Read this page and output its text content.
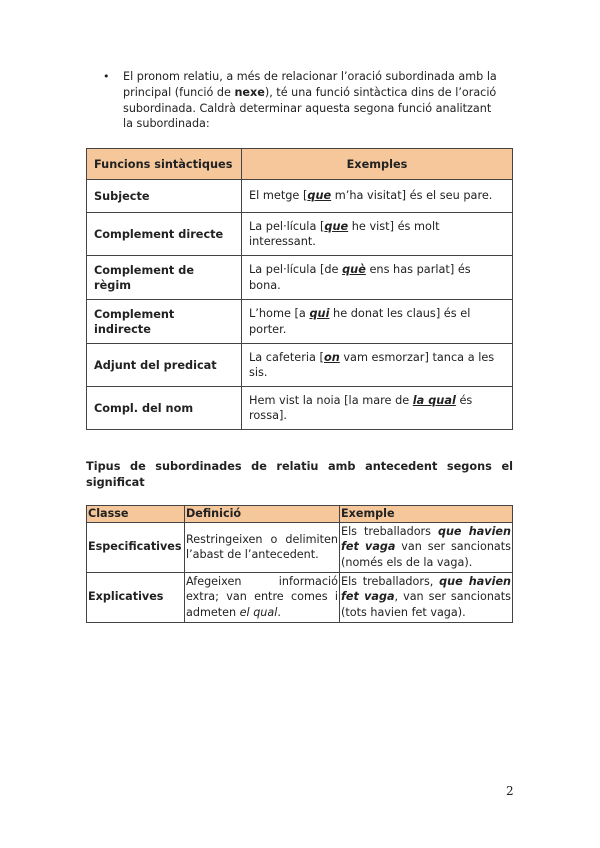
• El pronom relatiu, a més de relacionar l’oració subordinada amb la principal (funció de nexe), té una funció sintàctica dins de l’oració subordinada. Caldrà determinar aquesta segona funció analitzant la subordinada:
Funcions sintàctiques	Exemples
Subjecte	El metge [que m’ha visitat] és el seu pare.
Complement directe	La pel·lícula [que he vist] és molt interessant.
Complement de règim	La pel·lícula [de què ens has parlat] és bona.
Complement indirecte	L’home [a qui he donat les claus] és el porter.
Adjunt del predicat	La cafeteria [on vam esmorzar] tanca a les sis.
Compl. del nom	Hem vist la noia [la mare de la qual és rossa].
Tipus de subordinades de relatiu amb antecedent segons el significat
Classe	Definició	Exemple
Especificatives	Restringeixen o delimiten l’abast de l’antecedent.	Els treballadors que havien fet vaga van ser sancionats (només els de la vaga).
Explicatives	Afegeixen informació extra; van entre comes i admeten el qual.	Els treballadors, que havien fet vaga, van ser sancionats (tots havien fet vaga).
2
